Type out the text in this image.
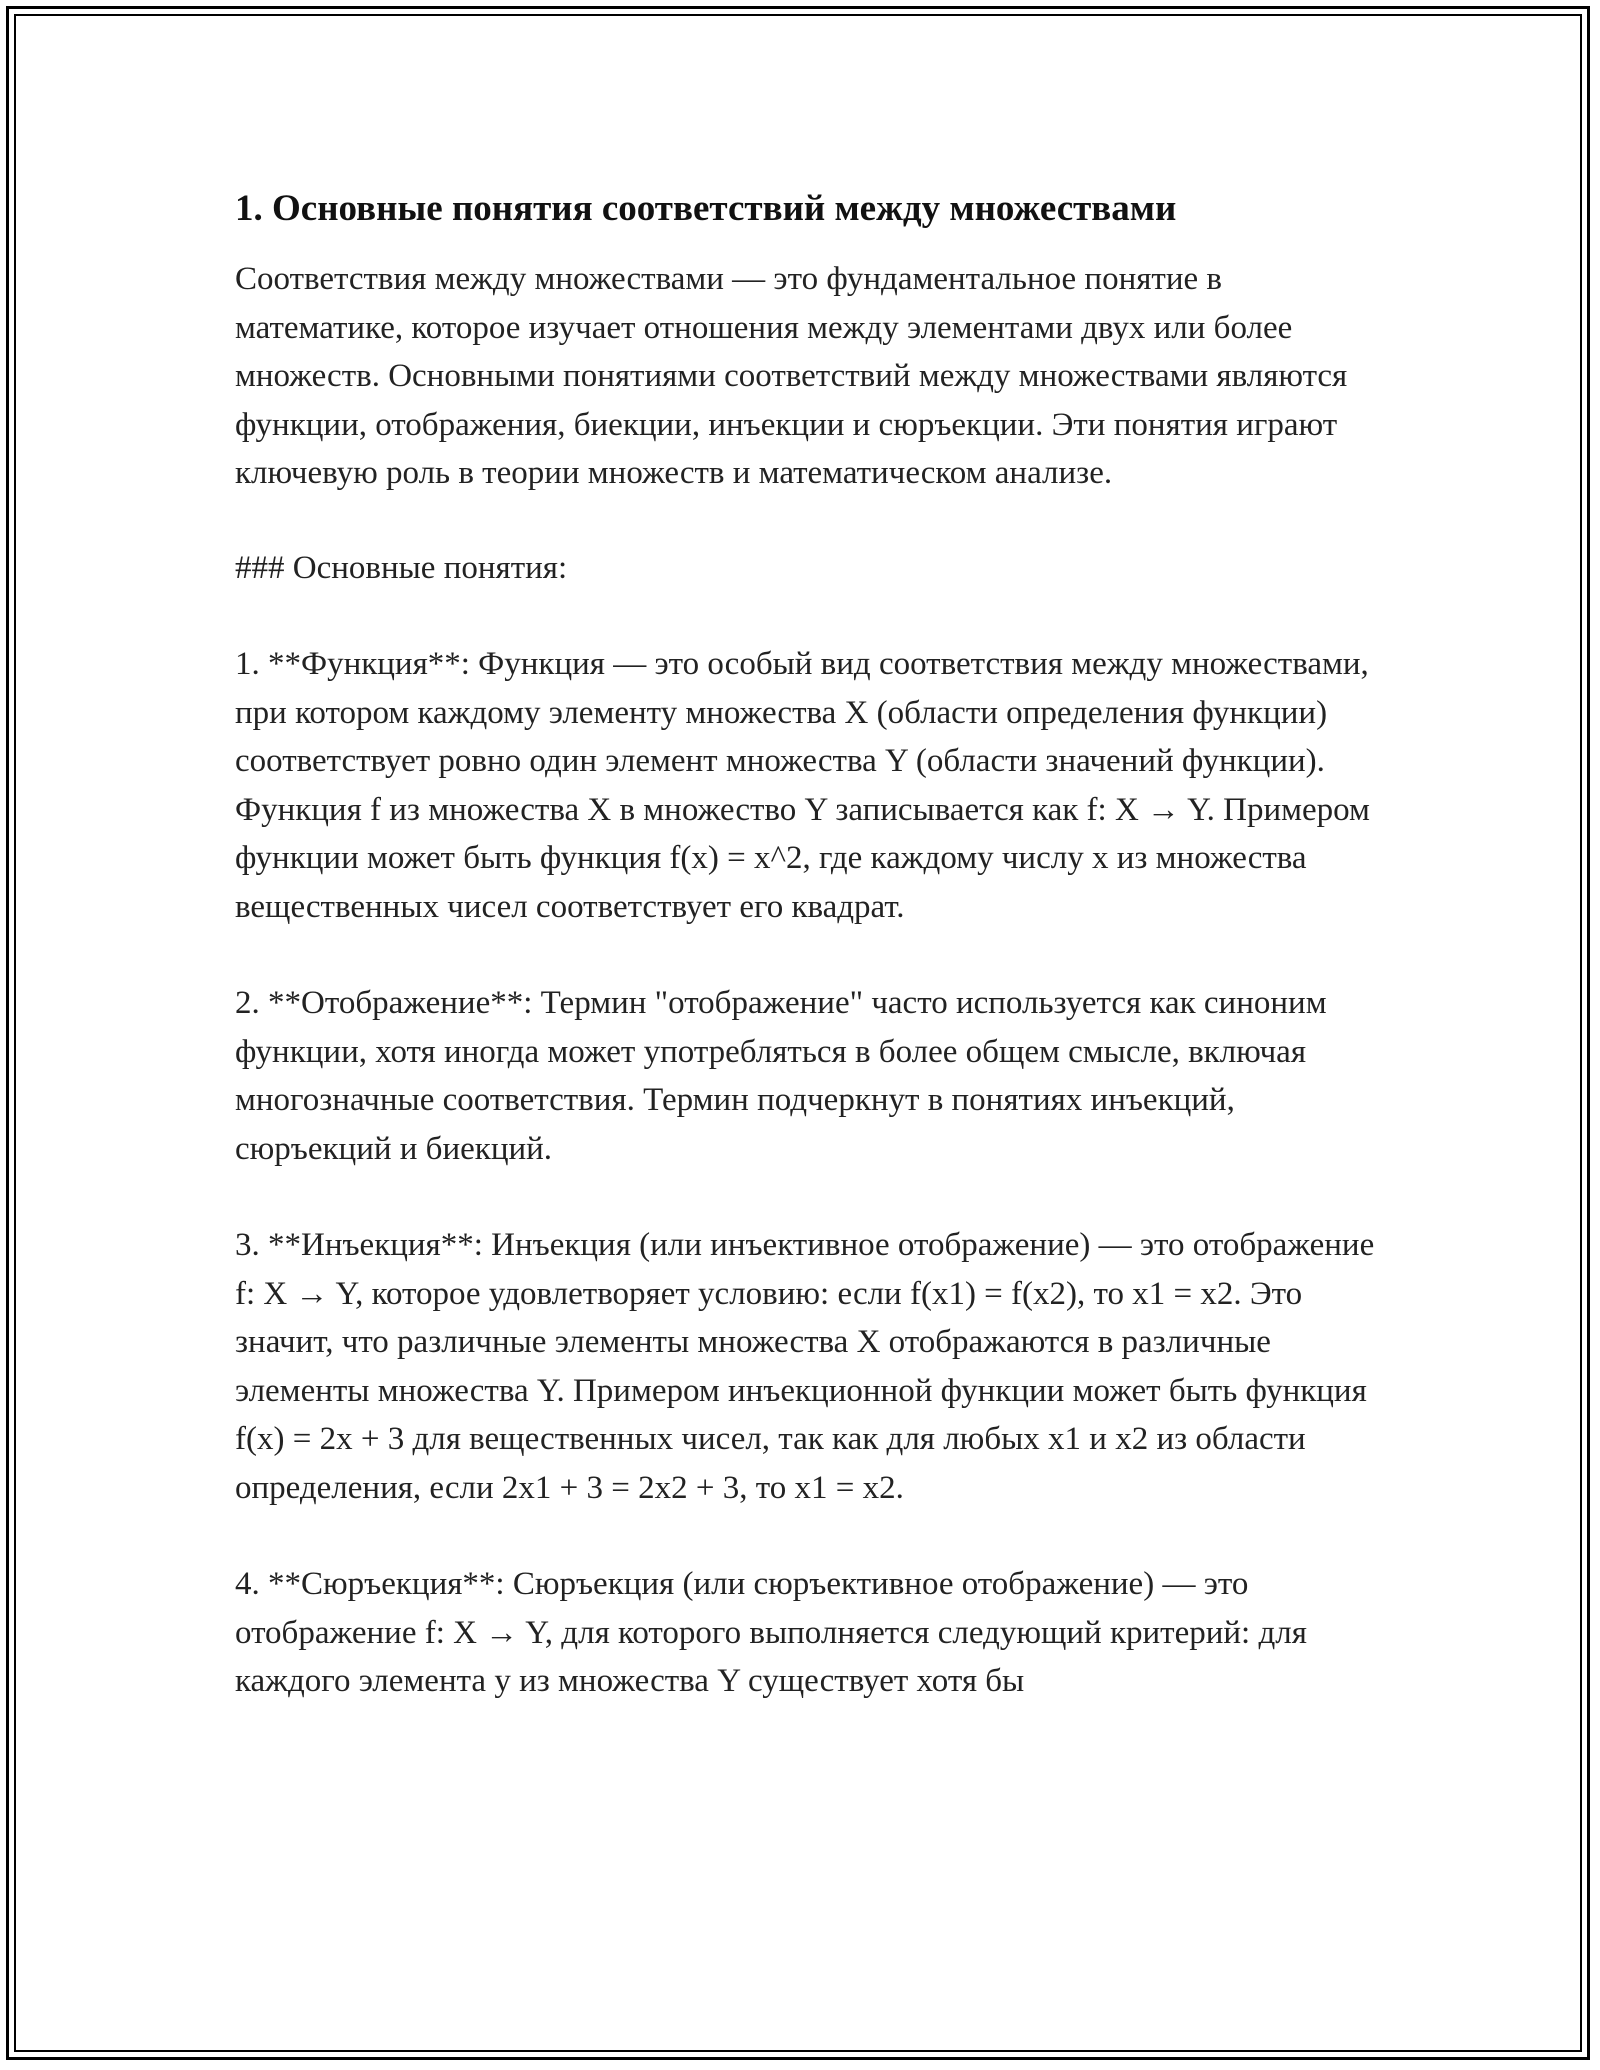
1. Основные понятия соответствий между множествами

Соответствия между множествами — это фундаментальное понятие в математике, которое изучает отношения между элементами двух или более множеств. Основными понятиями соответствий между множествами являются функции, отображения, биекции, инъекции и сюръекции. Эти понятия играют ключевую роль в теории множеств и математическом анализе.

### Основные понятия:

1. **Функция**: Функция — это особый вид соответствия между множествами, при котором каждому элементу множества X (области определения функции) соответствует ровно один элемент множества Y (области значений функции). Функция f из множества X в множество Y записывается как f: X → Y. Примером функции может быть функция f(x) = x^2, где каждому числу x из множества вещественных чисел соответствует его квадрат.

2. **Отображение**: Термин "отображение" часто используется как синоним функции, хотя иногда может употребляться в более общем смысле, включая многозначные соответствия. Термин подчеркнут в понятиях инъекций, сюръекций и биекций.

3. **Инъекция**: Инъекция (или инъективное отображение) — это отображение f: X → Y, которое удовлетворяет условию: если f(x1) = f(x2), то x1 = x2. Это значит, что различные элементы множества X отображаются в различные элементы множества Y. Примером инъекционной функции может быть функция f(x) = 2x + 3 для вещественных чисел, так как для любых x1 и x2 из области определения, если 2x1 + 3 = 2x2 + 3, то x1 = x2.

4. **Сюръекция**: Сюръекция (или сюръективное отображение) — это отображение f: X → Y, для которого выполняется следующий критерий: для каждого элемента y из множества Y существует хотя бы
